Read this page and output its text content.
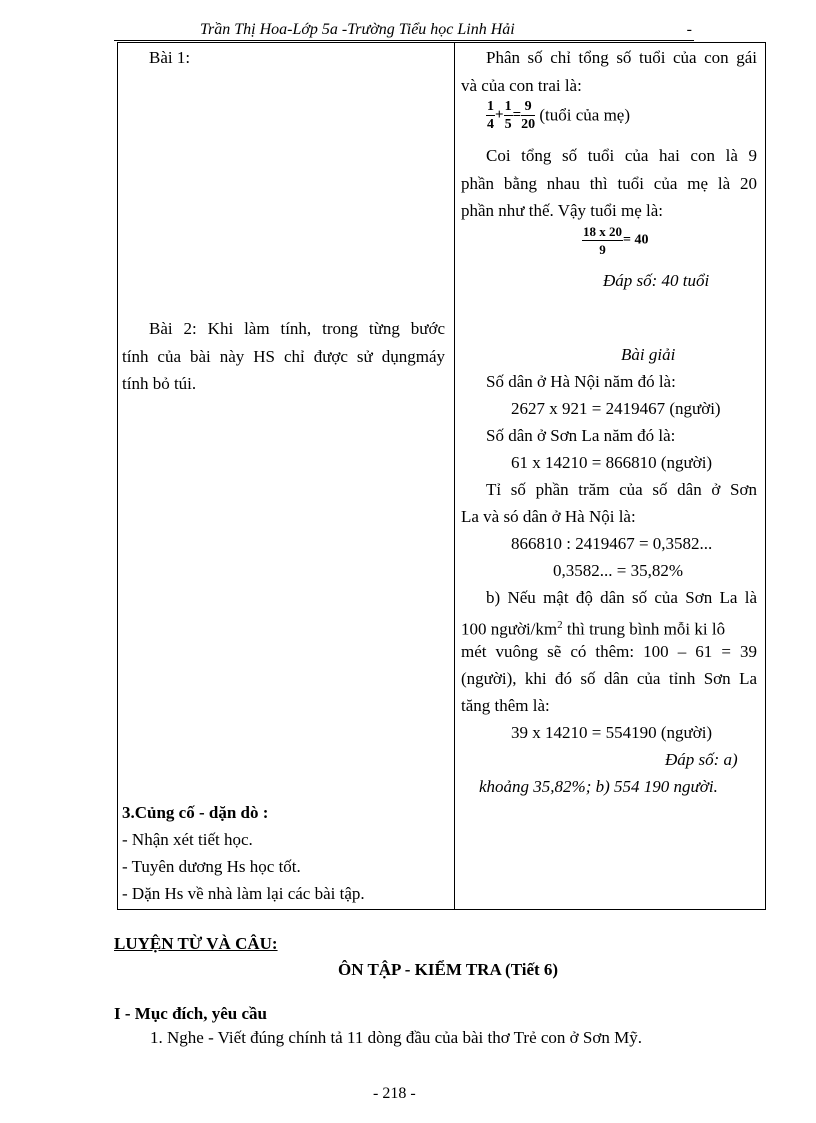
Trần Thị Hoa-Lớp 5a -Trường Tiểu học Linh Hải	-
Bài 1:
Bài 2: Khi làm tính, trong từng bước
tính của bài này HS chỉ được sử dụngmáy
tính bỏ túi.
3.Củng cố - dặn dò :
- Nhận xét tiết học.
- Tuyên dương Hs học tốt.
- Dặn Hs về nhà làm lại các bài tập.

Phân số chỉ tổng số tuổi của con gái
và của con trai là:
$\frac{1}{4} + \frac{1}{5} = \frac{9}{20}$ (tuổi của mẹ)
Coi tổng số tuổi của hai con là 9
phần bằng nhau thì tuổi của mẹ là 20
phần như thế. Vậy tuổi mẹ là:
$\frac{18 x 20}{9} = 40$
Đáp số: 40 tuổi
Bài giải
Số dân ở Hà Nội năm đó là:
2627 x 921 = 2419467 (người)
Số dân ở Sơn La năm đó là:
61 x 14210 = 866810 (người)
Tỉ số phần trăm của số dân ở Sơn
La và só dân ở Hà Nội là:
866810 : 2419467 = 0,3582...
0,3582... = 35,82%
b) Nếu mật độ dân số của Sơn La là
100 người/$km^2$ thì trung bình mỗi ki lô
mét vuông sẽ có thêm: 100 – 61 = 39
(người), khi đó số dân của tỉnh Sơn La
tăng thêm là:
39 x 14210 = 554190 (người)
Đáp số: a)
khoảng 35,82%; b) 554 190 người.
LUYỆN TỪ VÀ CÂU:
ÔN TẬP - KIỂM TRA (Tiết 6)
I - Mục đích, yêu cầu
1. Nghe - Viết đúng chính tả 11 dòng đầu của bài thơ Trẻ con ở Sơn Mỹ.
- 218 -
